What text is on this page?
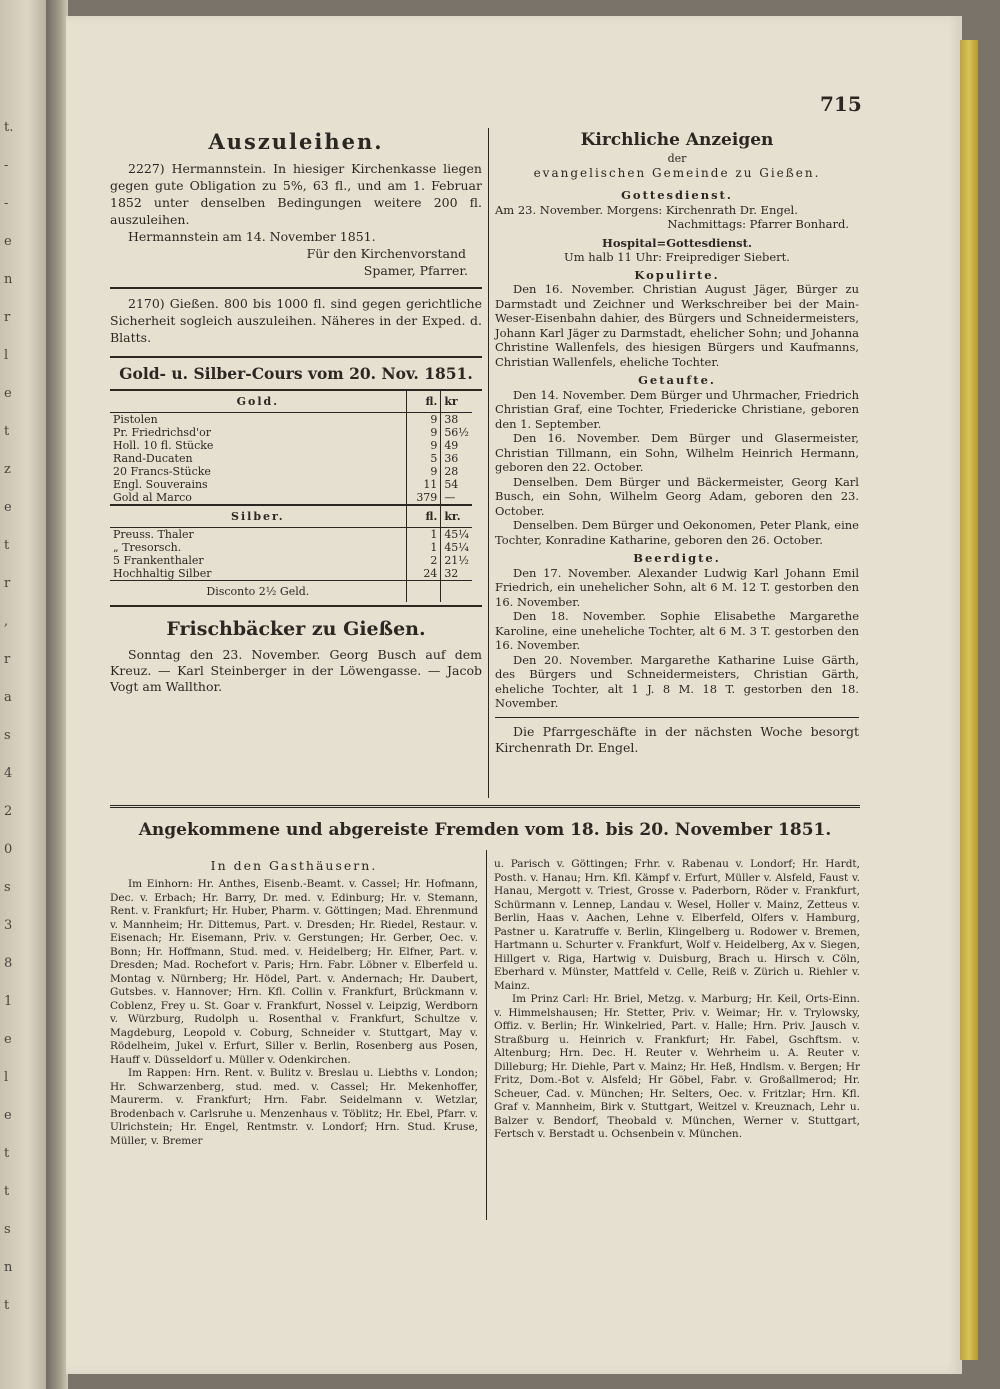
t.
-
-
e
n
r
l
e
t
z
e
t
r
,
r
a
s
4
2
0
s
3
8
1
e
l
e
t
t
s
n
t
715
Auszuleihen.

2227) Hermannstein. In hiesiger Kirchenkasse liegen gegen gute Obligation zu 5%, 63 fl., und am 1. Februar 1852 unter denselben Bedingungen weitere 200 fl. auszuleihen.

Hermannstein am 14. November 1851.

Für den Kirchenvorstand

Spamer, Pfarrer.

2170) Gießen. 800 bis 1000 fl. sind gegen gerichtliche Sicherheit sogleich auszuleihen. Näheres in der Exped. d. Blatts.

Gold- u. Silber-Cours vom 20. Nov. 1851.
Gold.	fl.	kr
Pistolen	9	38
Pr. Friedrichsd'or	9	56½
Holl. 10 fl. Stücke	9	49
Rand-Ducaten	5	36
20 Francs-Stücke	9	28
Engl. Souverains	11	54
Gold al Marco	379	—
Silber.	fl.	kr.
Preuss. Thaler	1	45¼
„ Tresorsch.	1	45¼
5 Frankenthaler	2	21½
Hochhaltig Silber	24	32
Disconto 2½ Geld.		
Frischbäcker zu Gießen.

Sonntag den 23. November. Georg Busch auf dem Kreuz. — Karl Steinberger in der Löwengasse. — Jacob Vogt am Wallthor.

Kirchliche Anzeigen
der
evangelischen Gemeinde zu Gießen.
Gottesdienst.

Am 23. November. Morgens: Kirchenrath Dr. Engel.

Nachmittags: Pfarrer Bonhard.

Hospital=Gottesdienst.

Um halb 11 Uhr: Freiprediger Siebert.

Kopulirte.

Den 16. November. Christian August Jäger, Bürger zu Darmstadt und Zeichner und Werkschreiber bei der Main-Weser-Eisenbahn dahier, des Bürgers und Schneidermeisters, Johann Karl Jäger zu Darmstadt, ehelicher Sohn; und Johanna Christine Wallenfels, des hiesigen Bürgers und Kaufmanns, Christian Wallenfels, eheliche Tochter.

Getaufte.

Den 14. November. Dem Bürger und Uhrmacher, Friedrich Christian Graf, eine Tochter, Friedericke Christiane, geboren den 1. September.

Den 16. November. Dem Bürger und Glasermeister, Christian Tillmann, ein Sohn, Wilhelm Heinrich Hermann, geboren den 22. October.

Denselben. Dem Bürger und Bäckermeister, Georg Karl Busch, ein Sohn, Wilhelm Georg Adam, geboren den 23. October.

Denselben. Dem Bürger und Oekonomen, Peter Plank, eine Tochter, Konradine Katharine, geboren den 26. October.

Beerdigte.

Den 17. November. Alexander Ludwig Karl Johann Emil Friedrich, ein unehelicher Sohn, alt 6 M. 12 T. gestorben den 16. November.

Den 18. November. Sophie Elisabethe Margarethe Karoline, eine uneheliche Tochter, alt 6 M. 3 T. gestorben den 16. November.

Den 20. November. Margarethe Katharine Luise Gärth, des Bürgers und Schneidermeisters, Christian Gärth, eheliche Tochter, alt 1 J. 8 M. 18 T. gestorben den 18. November.

Die Pfarrgeschäfte in der nächsten Woche besorgt Kirchenrath Dr. Engel.

Angekommene und abgereiste Fremden vom 18. bis 20. November 1851.
In den Gasthäusern.

Im Einhorn: Hr. Anthes, Eisenb.-Beamt. v. Cassel; Hr. Hofmann, Dec. v. Erbach; Hr. Barry, Dr. med. v. Edinburg; Hr. v. Stemann, Rent. v. Frankfurt; Hr. Huber, Pharm. v. Göttingen; Mad. Ehrenmund v. Mannheim; Hr. Dittemus, Part. v. Dresden; Hr. Riedel, Restaur. v. Eisenach; Hr. Eisemann, Priv. v. Gerstungen; Hr. Gerber, Oec. v. Bonn; Hr. Hoffmann, Stud. med. v. Heidelberg; Hr. Elfner, Part. v. Dresden; Mad. Rochefort v. Paris; Hrn. Fabr. Löbner v. Elberfeld u. Montag v. Nürnberg; Hr. Hödel, Part. v. Andernach; Hr. Daubert, Gutsbes. v. Hannover; Hrn. Kfl. Collin v. Frankfurt, Brückmann v. Coblenz, Frey u. St. Goar v. Frankfurt, Nossel v. Leipzig, Werdborn v. Würzburg, Rudolph u. Rosenthal v. Frankfurt, Schultze v. Magdeburg, Leopold v. Coburg, Schneider v. Stuttgart, May v. Rödelheim, Jukel v. Erfurt, Siller v. Berlin, Rosenberg aus Posen, Hauff v. Düsseldorf u. Müller v. Odenkirchen.

Im Rappen: Hrn. Rent. v. Bulitz v. Breslau u. Liebths v. London; Hr. Schwarzenberg, stud. med. v. Cassel; Hr. Mekenhoffer, Maurerm. v. Frankfurt; Hrn. Fabr. Seidelmann v. Wetzlar, Brodenbach v. Carlsruhe u. Menzenhaus v. Töblitz; Hr. Ebel, Pfarr. v. Ulrichstein; Hr. Engel, Rentmstr. v. Londorf; Hrn. Stud. Kruse, Müller, v. Bremer

u. Parisch v. Göttingen; Frhr. v. Rabenau v. Londorf; Hr. Hardt, Posth. v. Hanau; Hrn. Kfl. Kämpf v. Erfurt, Müller v. Alsfeld, Faust v. Hanau, Mergott v. Triest, Grosse v. Paderborn, Röder v. Frankfurt, Schürmann v. Lennep, Landau v. Wesel, Holler v. Mainz, Zetteus v. Berlin, Haas v. Aachen, Lehne v. Elberfeld, Olfers v. Hamburg, Pastner u. Karatruffe v. Berlin, Klingelberg u. Rodower v. Bremen, Hartmann u. Schurter v. Frankfurt, Wolf v. Heidelberg, Ax v. Siegen, Hillgert v. Riga, Hartwig v. Duisburg, Brach u. Hirsch v. Cöln, Eberhard v. Münster, Mattfeld v. Celle, Reiß v. Zürich u. Riehler v. Mainz.

Im Prinz Carl: Hr. Briel, Metzg. v. Marburg; Hr. Keil, Orts-Einn. v. Himmelshausen; Hr. Stetter, Priv. v. Weimar; Hr. v. Trylowsky, Offiz. v. Berlin; Hr. Winkelried, Part. v. Halle; Hrn. Priv. Jausch v. Straßburg u. Heinrich v. Frankfurt; Hr. Fabel, Gschftsm. v. Altenburg; Hrn. Dec. H. Reuter v. Wehrheim u. A. Reuter v. Dilleburg; Hr. Diehle, Part v. Mainz; Hr. Heß, Hndlsm. v. Bergen; Hr Fritz, Dom.-Bot v. Alsfeld; Hr Göbel, Fabr. v. Großallmerod; Hr. Scheuer, Cad. v. München; Hr. Selters, Oec. v. Fritzlar; Hrn. Kfl. Graf v. Mannheim, Birk v. Stuttgart, Weitzel v. Kreuznach, Lehr u. Balzer v. Bendorf, Theobald v. München, Werner v. Stuttgart, Fertsch v. Berstadt u. Ochsenbein v. München.
